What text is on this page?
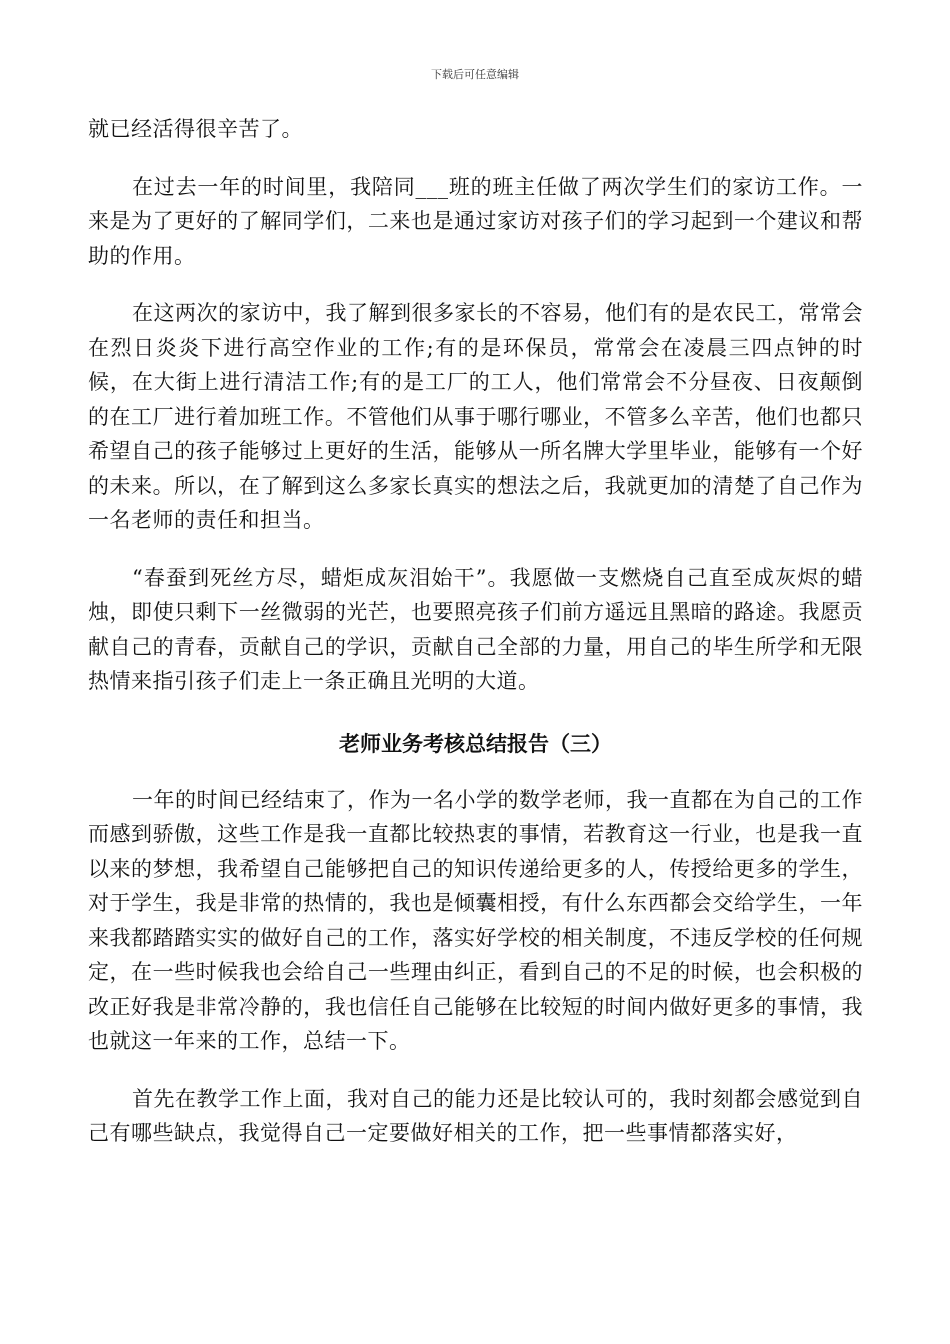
下载后可任意编辑

就已经活得很辛苦了。

在过去一年的时间里，我陪同___班的班主任做了两次学生们的家访工作。一来是为了更好的了解同学们，二来也是通过家访对孩子们的学习起到一个建议和帮助的作用。

在这两次的家访中，我了解到很多家长的不容易，他们有的是农民工，常常会在烈日炎炎下进行高空作业的工作;有的是环保员，常常会在凌晨三四点钟的时候，在大街上进行清洁工作;有的是工厂的工人，他们常常会不分昼夜、日夜颠倒的在工厂进行着加班工作。不管他们从事于哪行哪业，不管多么辛苦，他们也都只希望自己的孩子能够过上更好的生活，能够从一所名牌大学里毕业，能够有一个好的未来。所以，在了解到这么多家长真实的想法之后，我就更加的清楚了自己作为一名老师的责任和担当。

“春蚕到死丝方尽，蜡炬成灰泪始干”。我愿做一支燃烧自己直至成灰烬的蜡烛，即使只剩下一丝微弱的光芒，也要照亮孩子们前方遥远且黑暗的路途。我愿贡献自己的青春，贡献自己的学识，贡献自己全部的力量，用自己的毕生所学和无限热情来指引孩子们走上一条正确且光明的大道。

老师业务考核总结报告（三）

一年的时间已经结束了，作为一名小学的数学老师，我一直都在为自己的工作而感到骄傲，这些工作是我一直都比较热衷的事情，若教育这一行业，也是我一直以来的梦想，我希望自己能够把自己的知识传递给更多的人，传授给更多的学生，对于学生，我是非常的热情的，我也是倾囊相授，有什么东西都会交给学生，一年来我都踏踏实实的做好自己的工作，落实好学校的相关制度，不违反学校的任何规定，在一些时候我也会给自己一些理由纠正，看到自己的不足的时候，也会积极的改正好我是非常冷静的，我也信任自己能够在比较短的时间内做好更多的事情，我也就这一年来的工作，总结一下。

首先在教学工作上面，我对自己的能力还是比较认可的，我时刻都会感觉到自己有哪些缺点，我觉得自己一定要做好相关的工作，把一些事情都落实好，
